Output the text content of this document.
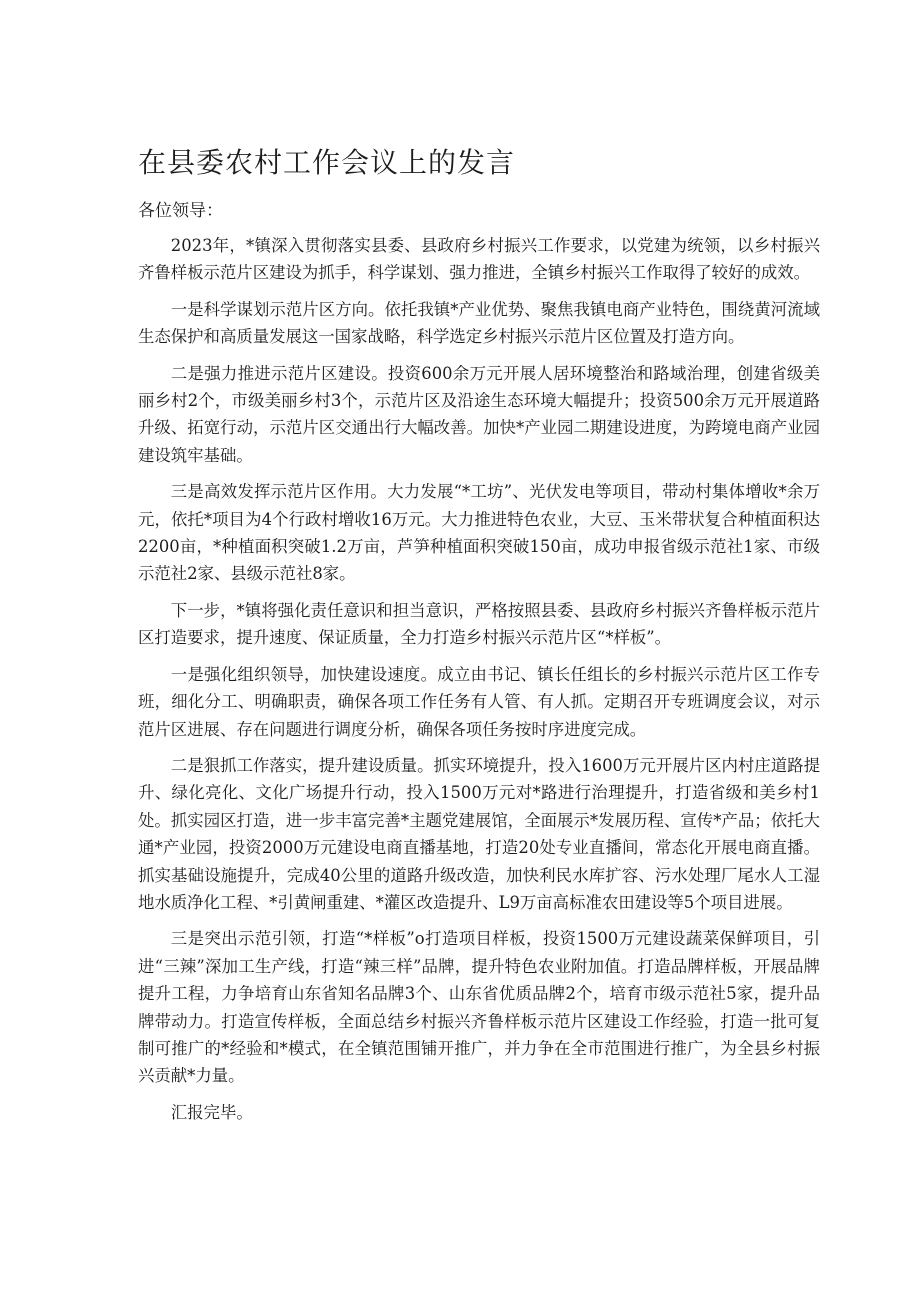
在县委农村工作会议上的发言
各位领导：

2023年，*镇深入贯彻落实县委、县政府乡村振兴工作要求，以党建为统领，以乡村振兴齐鲁样板示范片区建设为抓手，科学谋划、强力推进，全镇乡村振兴工作取得了较好的成效。

一是科学谋划示范片区方向。依托我镇*产业优势、聚焦我镇电商产业特色，围绕黄河流域生态保护和高质量发展这一国家战略，科学选定乡村振兴示范片区位置及打造方向。

二是强力推进示范片区建设。投资600余万元开展人居环境整治和路域治理，创建省级美丽乡村2个，市级美丽乡村3个，示范片区及沿途生态环境大幅提升；投资500余万元开展道路升级、拓宽行动，示范片区交通出行大幅改善。加快*产业园二期建设进度，为跨境电商产业园建设筑牢基础。

三是高效发挥示范片区作用。大力发展“*工坊”、光伏发电等项目，带动村集体增收*余万元，依托*项目为4个行政村增收16万元。大力推进特色农业，大豆、玉米带状复合种植面积达2200亩，*种植面积突破1.2万亩，芦笋种植面积突破150亩，成功申报省级示范社1家、市级示范社2家、县级示范社8家。

下一步，*镇将强化责任意识和担当意识，严格按照县委、县政府乡村振兴齐鲁样板示范片区打造要求，提升速度、保证质量，全力打造乡村振兴示范片区“*样板”。

一是强化组织领导，加快建设速度。成立由书记、镇长任组长的乡村振兴示范片区工作专班，细化分工、明确职责，确保各项工作任务有人管、有人抓。定期召开专班调度会议，对示范片区进展、存在问题进行调度分析，确保各项任务按时序进度完成。

二是狠抓工作落实，提升建设质量。抓实环境提升，投入1600万元开展片区内村庄道路提升、绿化亮化、文化广场提升行动，投入1500万元对*路进行治理提升，打造省级和美乡村1处。抓实园区打造，进一步丰富完善*主题党建展馆，全面展示*发展历程、宣传*产品；依托大通*产业园，投资2000万元建设电商直播基地，打造20处专业直播间，常态化开展电商直播。抓实基础设施提升，完成40公里的道路升级改造，加快利民水库扩容、污水处理厂尾水人工湿地水质净化工程、*引黄闸重建、*灌区改造提升、L9万亩高标准农田建设等5个项目进展。

三是突出示范引领，打造“*样板”o打造项目样板，投资1500万元建设蔬菜保鲜项目，引进“三辣”深加工生产线，打造“辣三样”品牌，提升特色农业附加值。打造品牌样板，开展品牌提升工程，力争培育山东省知名品牌3个、山东省优质品牌2个，培育市级示范社5家，提升品牌带动力。打造宣传样板，全面总结乡村振兴齐鲁样板示范片区建设工作经验，打造一批可复制可推广的*经验和*模式，在全镇范围铺开推广，并力争在全市范围进行推广，为全县乡村振兴贡献*力量。

汇报完毕。
